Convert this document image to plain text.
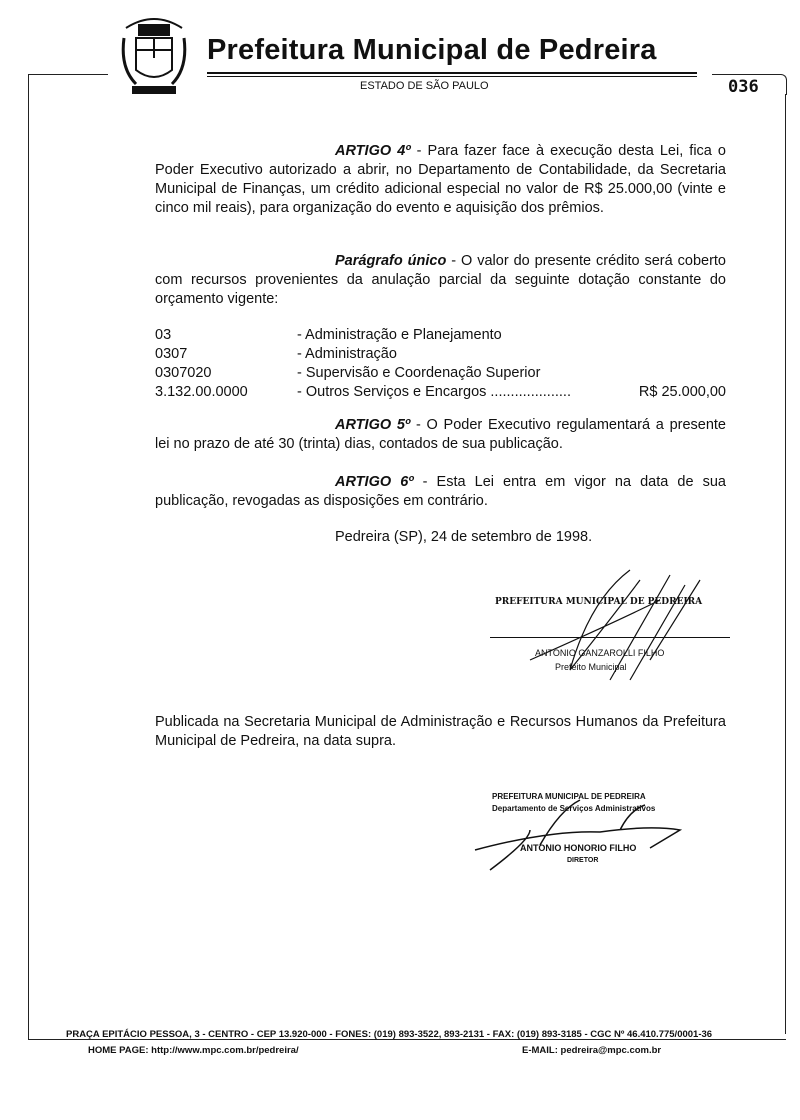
Prefeitura Municipal de Pedreira
ESTADO DE SÃO PAULO	036
ARTIGO 4º - Para fazer face à execução desta Lei, fica o Poder Executivo autorizado a abrir, no Departamento de Contabilidade, da Secretaria Municipal de Finanças, um crédito adicional especial no valor de R$ 25.000,00 (vinte e cinco mil reais), para organização do evento e aquisição dos prêmios.
Parágrafo único - O valor do presente crédito será coberto com recursos provenientes da anulação parcial da seguinte dotação constante do orçamento vigente:
03	- Administração e Planejamento	
0307	- Administração	
0307020	- Supervisão e Coordenação Superior	
3.132.00.0000	- Outros Serviços e Encargos ....................	R$ 25.000,00
ARTIGO 5º - O Poder Executivo regulamentará a presente lei no prazo de até 30 (trinta) dias, contados de sua publicação.
ARTIGO 6º - Esta Lei entra em vigor na data de sua publicação, revogadas as disposições em contrário.
Pedreira (SP), 24 de setembro de 1998.
PREFEITURA MUNICIPAL DE PEDREIRA
ANTONIO GANZAROLLI FILHO
Prefeito Municipal
Publicada na Secretaria Municipal de Administração e Recursos Humanos da Prefeitura Municipal de Pedreira, na data supra.
PREFEITURA MUNICIPAL DE PEDREIRA
Departamento de Serviços Administrativos
ANTONIO HONORIO FILHO
DIRETOR
PRAÇA EPITÁCIO PESSOA, 3 - CENTRO - CEP 13.920-000 - FONES: (019) 893-3522, 893-2131 - FAX: (019) 893-3185 - CGC Nº 46.410.775/0001-36
HOME PAGE: http://www.mpc.com.br/pedreira/	E-MAIL: pedreira@mpc.com.br
